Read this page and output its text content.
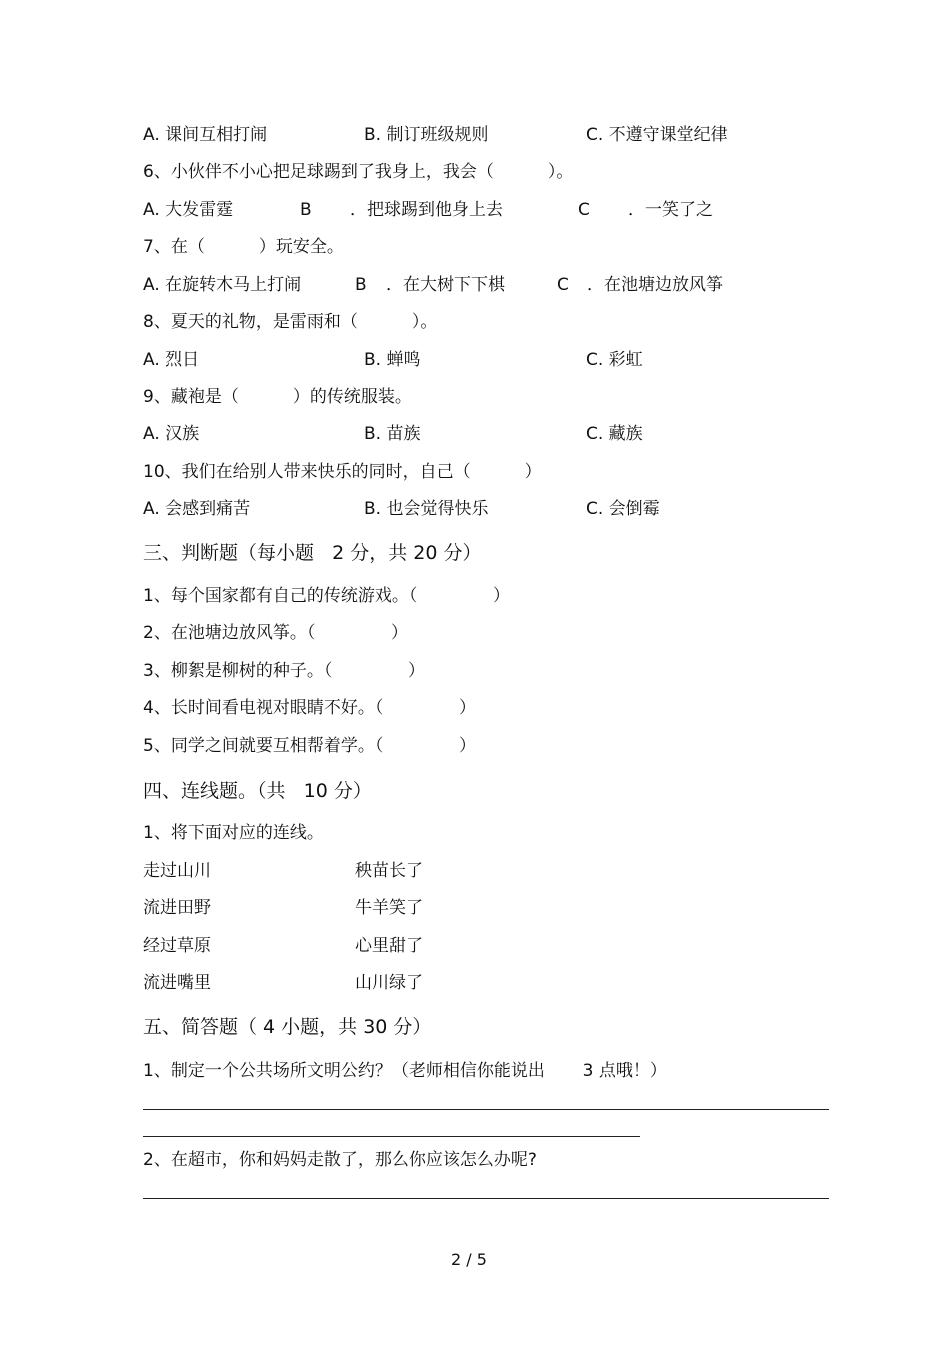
A. 课间互相打闹	B. 制订班级规则	C. 不遵守课堂纪律
6、小伙伴不小心把足球踢到了我身上，我会（          ）。
A. 大发雷霆	B ．把球踢到他身上去	C ．一笑了之
7、在（          ）玩安全。
A. 在旋转木马上打闹	B ．在大树下下棋	C ．在池塘边放风筝
8、夏天的礼物，是雷雨和（          ）。
A. 烈日	B. 蝉鸣	C. 彩虹
9、藏袍是（          ）的传统服装。
A. 汉族	B. 苗族	C. 藏族
10、我们在给别人带来快乐的同时，自己（          ）
A. 会感到痛苦	B. 也会觉得快乐	C. 会倒霉
三、判断题（每小题   2 分，共 20 分）
1、每个国家都有自己的传统游戏。（              ）
2、在池塘边放风筝。（              ）
3、柳絮是柳树的种子。（              ）
4、长时间看电视对眼睛不好。（              ）
5、同学之间就要互相帮着学。（              ）
四、连线题。（共   10 分）
1、将下面对应的连线。
走过山川	秧苗长了
流进田野	牛羊笑了
经过草原	心里甜了
流进嘴里	山川绿了
五、简答题（ 4 小题，共 30 分）
1、制定一个公共场所文明公约？（老师相信你能说出       3 点哦！）
2、在超市，你和妈妈走散了，那么你应该怎么办呢?
2 / 5
